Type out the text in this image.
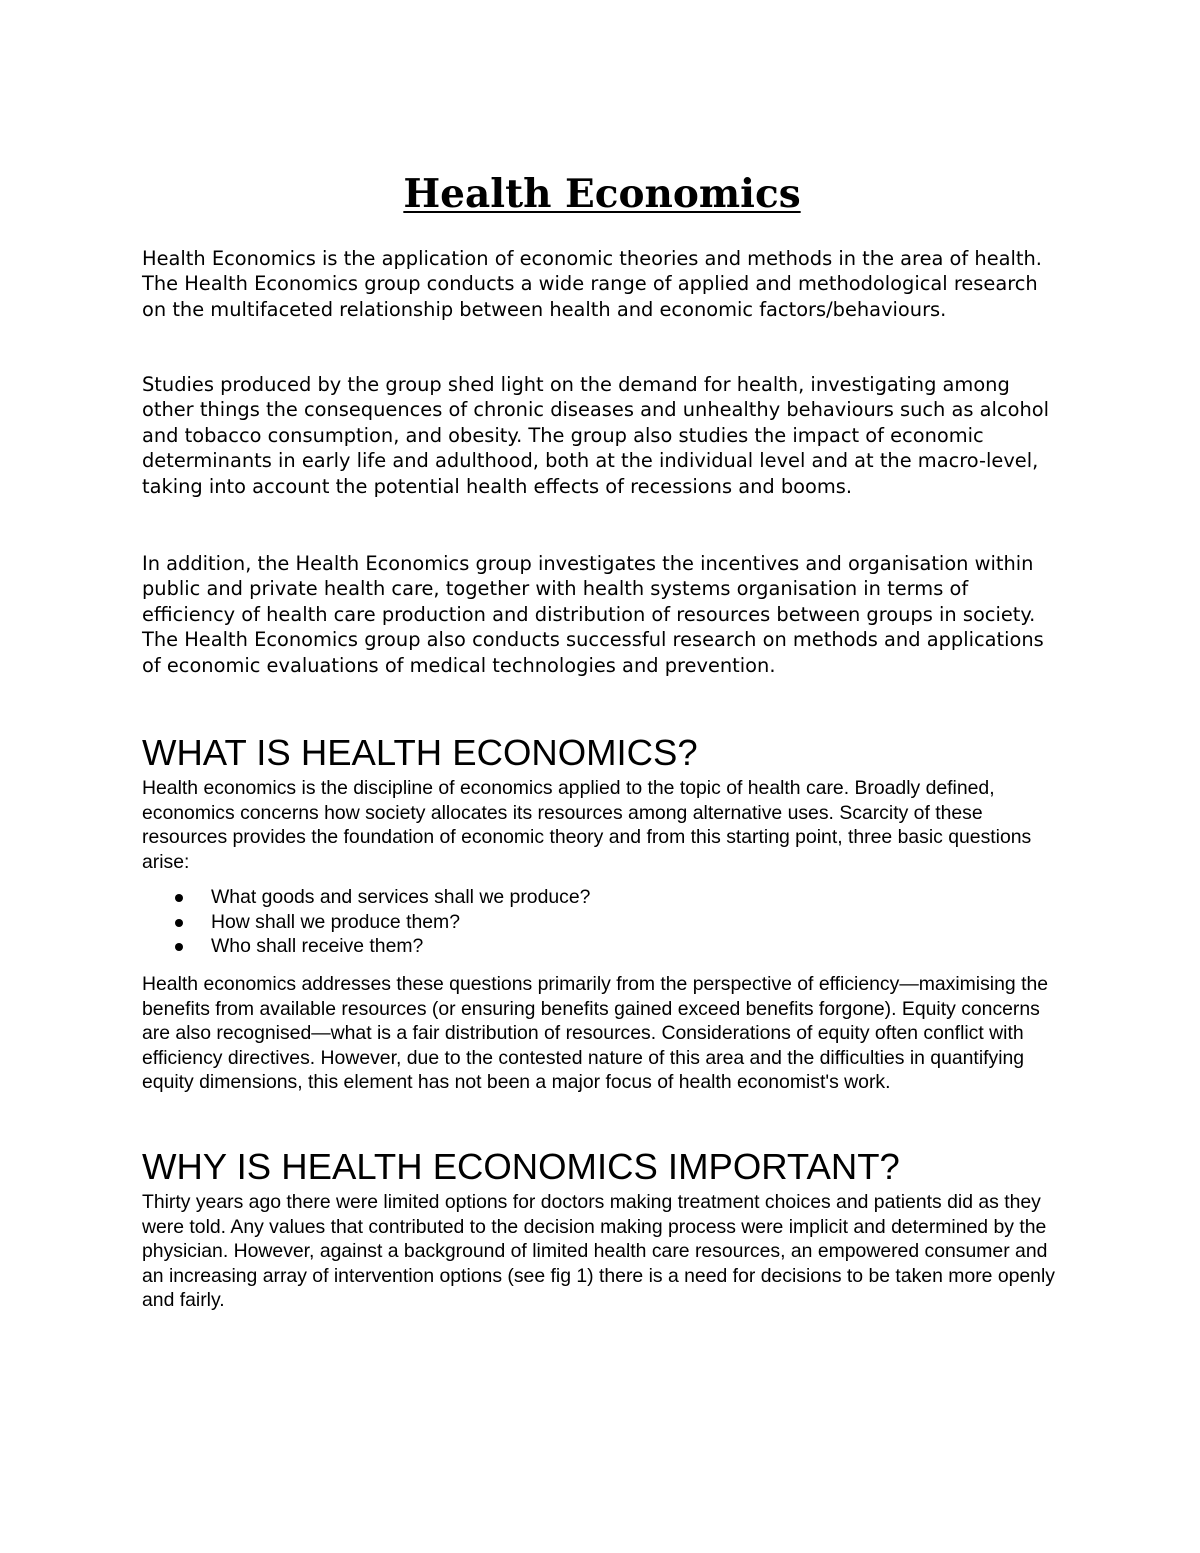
Health Economics

Health Economics is the application of economic theories and methods in the area of health. The Health Economics group conducts a wide range of applied and methodological research on the multifaceted relationship between health and economic factors/behaviours.

Studies produced by the group shed light on the demand for health, investigating among other things the consequences of chronic diseases and unhealthy behaviours such as alcohol and tobacco consumption, and obesity. The group also studies the impact of economic determinants in early life and adulthood, both at the individual level and at the macro-level, taking into account the potential health effects of recessions and booms.

In addition, the Health Economics group investigates the incentives and organisation within public and private health care, together with health systems organisation in terms of efficiency of health care production and distribution of resources between groups in society. The Health Economics group also conducts successful research on methods and applications of economic evaluations of medical technologies and prevention.

WHAT IS HEALTH ECONOMICS?

Health economics is the discipline of economics applied to the topic of health care. Broadly defined, economics concerns how society allocates its resources among alternative uses. Scarcity of these resources provides the foundation of economic theory and from this starting point, three basic questions arise:

What goods and services shall we produce?
How shall we produce them?
Who shall receive them?

Health economics addresses these questions primarily from the perspective of efficiency—maximising the benefits from available resources (or ensuring benefits gained exceed benefits forgone). Equity concerns are also recognised—what is a fair distribution of resources. Considerations of equity often conflict with efficiency directives. However, due to the contested nature of this area and the difficulties in quantifying equity dimensions, this element has not been a major focus of health economist's work.

WHY IS HEALTH ECONOMICS IMPORTANT?

Thirty years ago there were limited options for doctors making treatment choices and patients did as they were told. Any values that contributed to the decision making process were implicit and determined by the physician. However, against a background of limited health care resources, an empowered consumer and an increasing array of intervention options (see fig 1) there is a need for decisions to be taken more openly and fairly.
